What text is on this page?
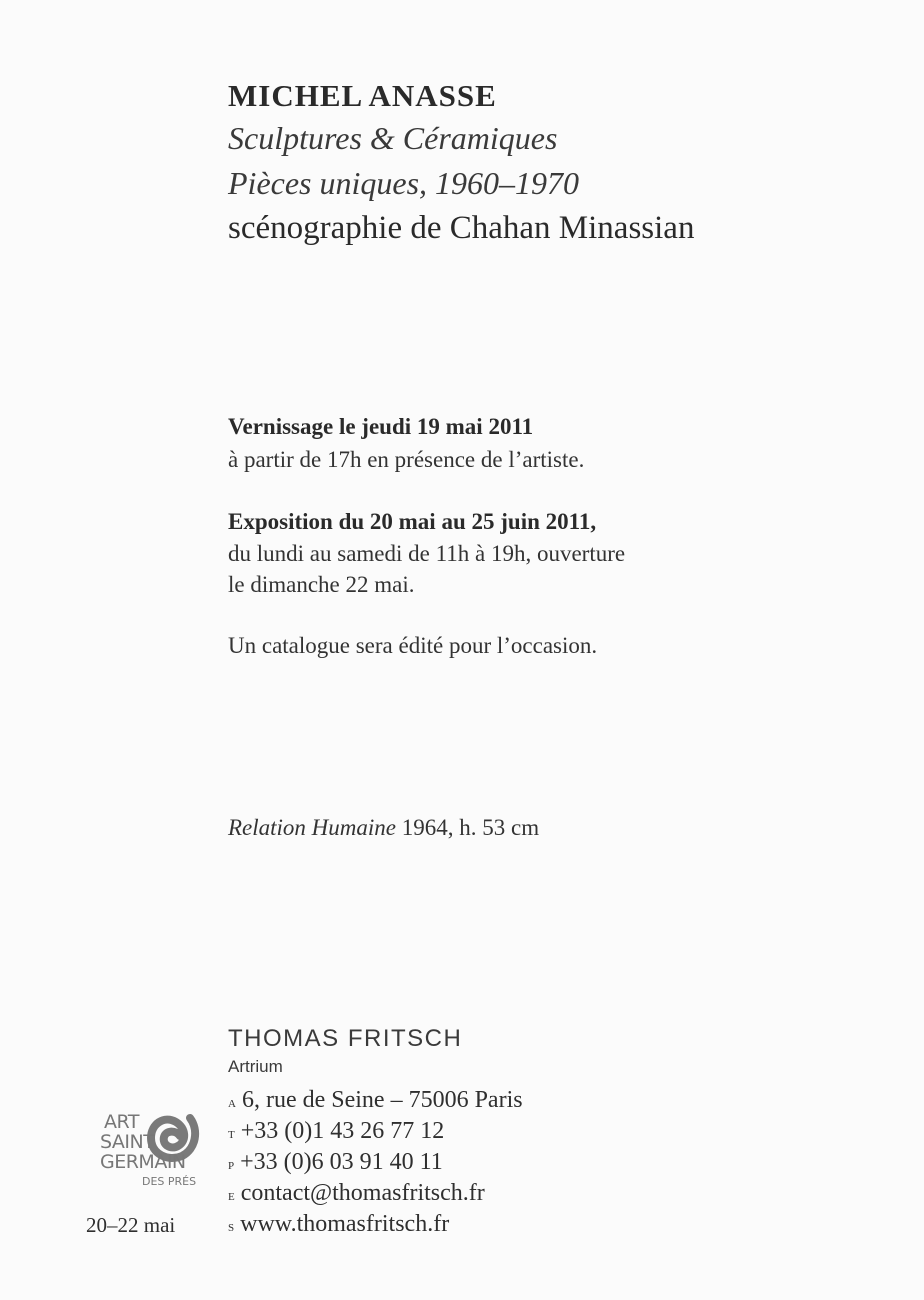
MICHEL ANASSE
Sculptures & Céramiques
Pièces uniques, 1960–1970
scénographie de Chahan Minassian
Vernissage le jeudi 19 mai 2011
à partir de 17h en présence de l’artiste.
Exposition du 20 mai au 25 juin 2011,
du lundi au samedi de 11h à 19h, ouverture
le dimanche 22 mai.
Un catalogue sera édité pour l’occasion.
Relation Humaine 1964, h. 53 cm
THOMAS FRITSCH
Artrium
a 6, rue de Seine – 75006 Paris
t +33 (0)1 43 26 77 12
p +33 (0)6 03 91 40 11
e contact@thomasfritsch.fr
s www.thomasfritsch.fr
ART
SAINT
GERMAIN
DES PRÉS
20–22 mai
